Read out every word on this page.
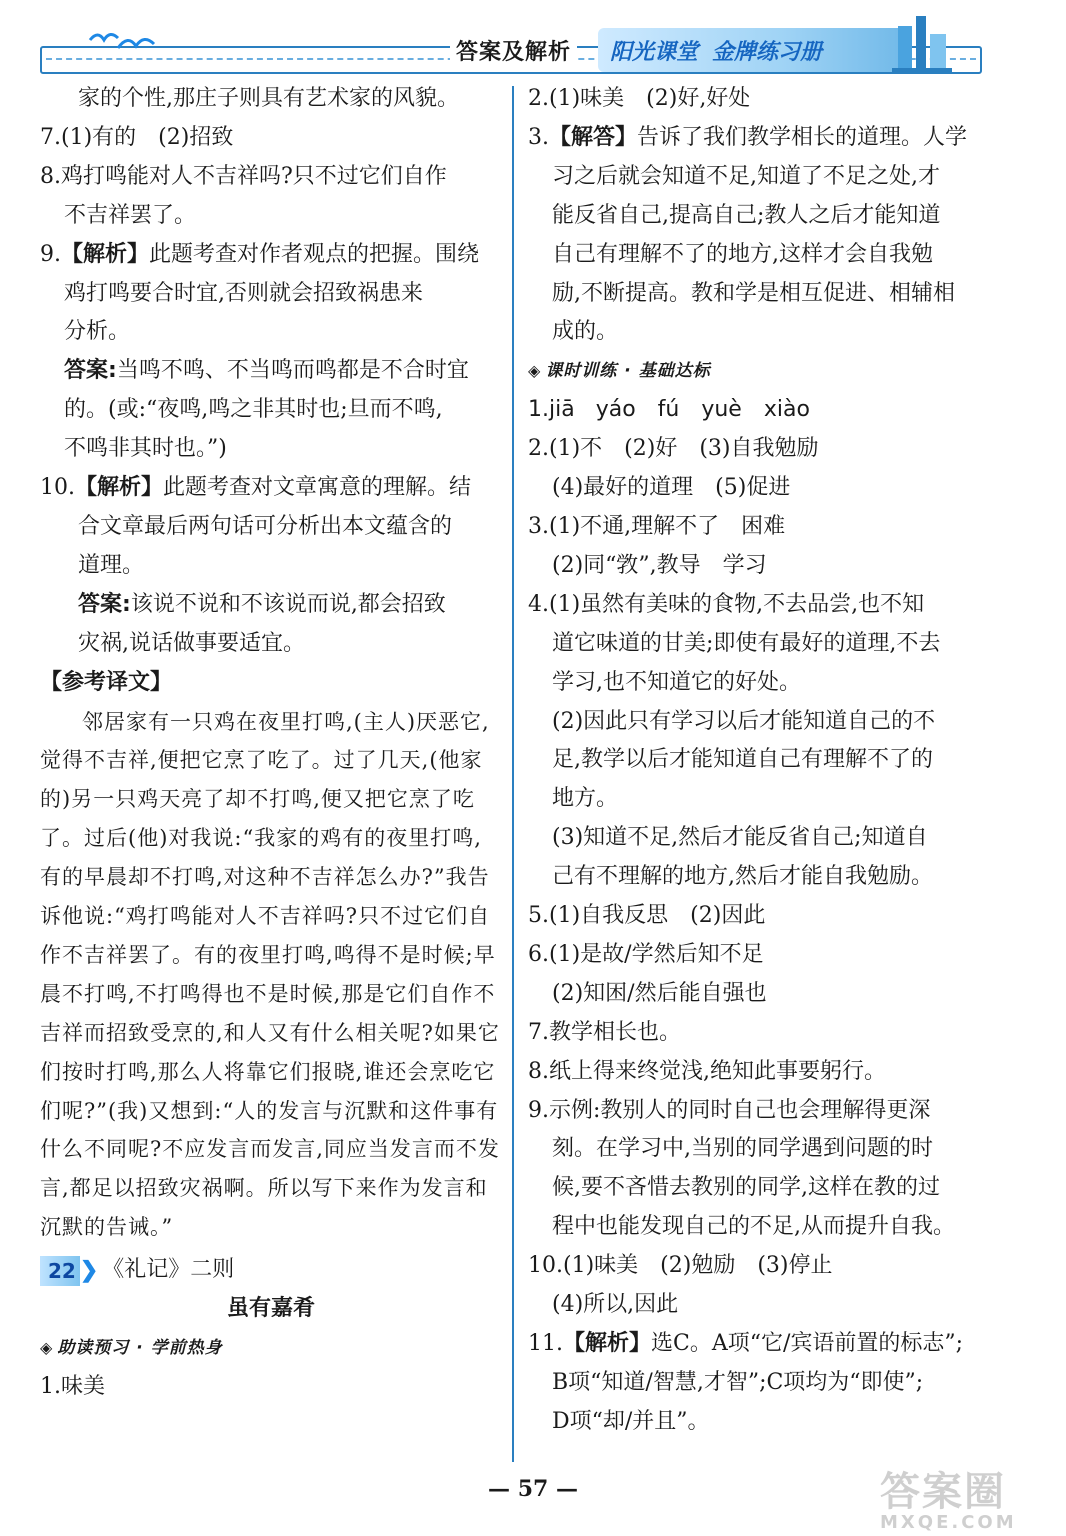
答案及解析 阳光课堂 金牌练习册

家的个性,那庄子则具有艺术家的风貌。

7.(1)有的　(2)招致

8.鸡打鸣能对人不吉祥吗?只不过它们自作

不吉祥罢了。

9.【解析】此题考查对作者观点的把握。围绕

鸡打鸣要合时宜,否则就会招致祸患来

分析。

答案:当鸣不鸣、不当鸣而鸣都是不合时宜

的。(或:“夜鸣,鸣之非其时也;旦而不鸣,

不鸣非其时也。”)

10.【解析】此题考查对文章寓意的理解。结

合文章最后两句话可分析出本文蕴含的

道理。

答案:该说不说和不该说而说,都会招致

灾祸,说话做事要适宜。

【参考译文】

邻居家有一只鸡在夜里打鸣,(主人)厌恶它,觉得不吉祥,便把它烹了吃了。过了几天,(他家的)另一只鸡天亮了却不打鸣,便又把它烹了吃了。过后(他)对我说:“我家的鸡有的夜里打鸣,有的早晨却不打鸣,对这种不吉祥怎么办?”我告诉他说:“鸡打鸣能对人不吉祥吗?只不过它们自作不吉祥罢了。有的夜里打鸣,鸣得不是时候;早晨不打鸣,不打鸣得也不是时候,那是它们自作不吉祥而招致受烹的,和人又有什么相关呢?如果它们按时打鸣,那么人将靠它们报晓,谁还会烹吃它们呢?”(我)又想到:“人的发言与沉默和这件事有什么不同呢?不应发言而发言,同应当发言而不发言,都足以招致灾祸啊。所以写下来作为发言和沉默的告诫。”

22 ❯ 《礼记》二则

虽有嘉肴

◈ 助读预习 · 学前热身

1.味美

2.(1)味美　(2)好,好处

3.【解答】告诉了我们教学相长的道理。人学

习之后就会知道不足,知道了不足之处,才

能反省自己,提高自己;教人之后才能知道

自己有理解不了的地方,这样才会自我勉

励,不断提高。教和学是相互促进、相辅相

成的。

◈ 课时训练 · 基础达标

1.jiā yáo　fú　yuè　xiào

2.(1)不　(2)好　(3)自我勉励

(4)最好的道理　(5)促进

3.(1)不通,理解不了　困难

(2)同“敩”,教导　学习

4.(1)虽然有美味的食物,不去品尝,也不知

道它味道的甘美;即使有最好的道理,不去

学习,也不知道它的好处。

(2)因此只有学习以后才能知道自己的不

足,教学以后才能知道自己有理解不了的

地方。

(3)知道不足,然后才能反省自己;知道自

己有不理解的地方,然后才能自我勉励。

5.(1)自我反思　(2)因此

6.(1)是故/学然后知不足

(2)知困/然后能自强也

7.教学相长也。

8.纸上得来终觉浅,绝知此事要躬行。

9.示例:教别人的同时自己也会理解得更深

刻。在学习中,当别的同学遇到问题的时

候,要不吝惜去教别的同学,这样在教的过

程中也能发现自己的不足,从而提升自我。

10.(1)味美　(2)勉励　(3)停止

(4)所以,因此

11.【解析】选C。A项“它/宾语前置的标志”;

B项“知道/智慧,才智”;C项均为“即使”;

D项“却/并且”。

— 57 —	答案圈
MXQE.COM
